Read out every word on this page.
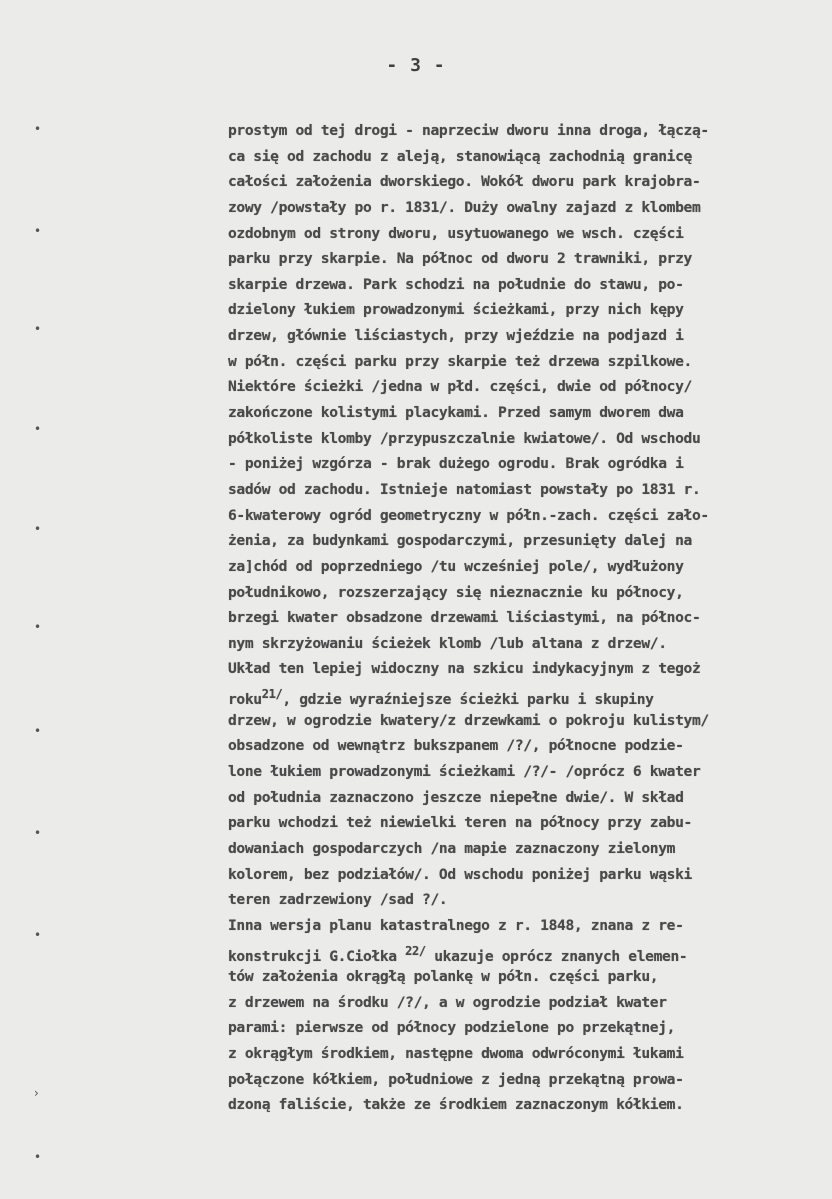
- 3 -
prostym od tej drogi - naprzeciw dworu inna droga, łączą-
ca się od zachodu z aleją, stanowiącą zachodnią granicę
całości założenia dworskiego. Wokół dworu park krajobra-
zowy /powstały po r. 1831/. Duży owalny zajazd z klombem
ozdobnym od strony dworu, usytuowanego we wsch. części
parku przy skarpie. Na północ od dworu 2 trawniki, przy
skarpie drzewa. Park schodzi na południe do stawu, po-
dzielony łukiem prowadzonymi ścieżkami, przy nich kępy
drzew, głównie liściastych, przy wjeździe na podjazd i
w półn. części parku przy skarpie też drzewa szpilkowe.
Niektóre ścieżki /jedna w płd. części, dwie od północy/
zakończone kolistymi placykami. Przed samym dworem dwa
półkoliste klomby /przypuszczalnie kwiatowe/. Od wschodu
- poniżej wzgórza - brak dużego ogrodu. Brak ogródka i
sadów od zachodu. Istnieje natomiast powstały po 1831 r.
6-kwaterowy ogród geometryczny w półn.-zach. części zało-
żenia, za budynkami gospodarczymi, przesunięty dalej na
za]chód od poprzedniego /tu wcześniej pole/, wydłużony
południkowo, rozszerzający się nieznacznie ku północy,
brzegi kwater obsadzone drzewami liściastymi, na północ-
nym skrzyżowaniu ścieżek klomb /lub altana z drzew/.
Układ ten lepiej widoczny na szkicu indykacyjnym z tegoż
roku$^{21/}$, gdzie wyraźniejsze ścieżki parku i skupiny
drzew, w ogrodzie kwatery/z drzewkami o pokroju kulistym/
obsadzone od wewnątrz bukszpanem /?/, północne podzie-
lone łukiem prowadzonymi ścieżkami /?/- /oprócz 6 kwater
od południa zaznaczono jeszcze niepełne dwie/. W skład
parku wchodzi też niewielki teren na północy przy zabu-
dowaniach gospodarczych /na mapie zaznaczony zielonym
kolorem, bez podziałów/. Od wschodu poniżej parku wąski
teren zadrzewiony /sad ?/.
Inna wersja planu katastralnego z r. 1848, znana z re-
konstrukcji G.Ciołka $^{22/}$ ukazuje oprócz znanych elemen-
tów założenia okrągłą polankę w półn. części parku,
z drzewem na środku /?/, a w ogrodzie podział kwater
parami: pierwsze od północy podzielone po przekątnej,
z okrągłym środkiem, następne dwoma odwróconymi łukami
połączone kółkiem, południowe z jedną przekątną prowa-
dzoną faliście, także ze środkiem zaznaczonym kółkiem.
•
•
•
•
•
•
•
•
•
›
•
